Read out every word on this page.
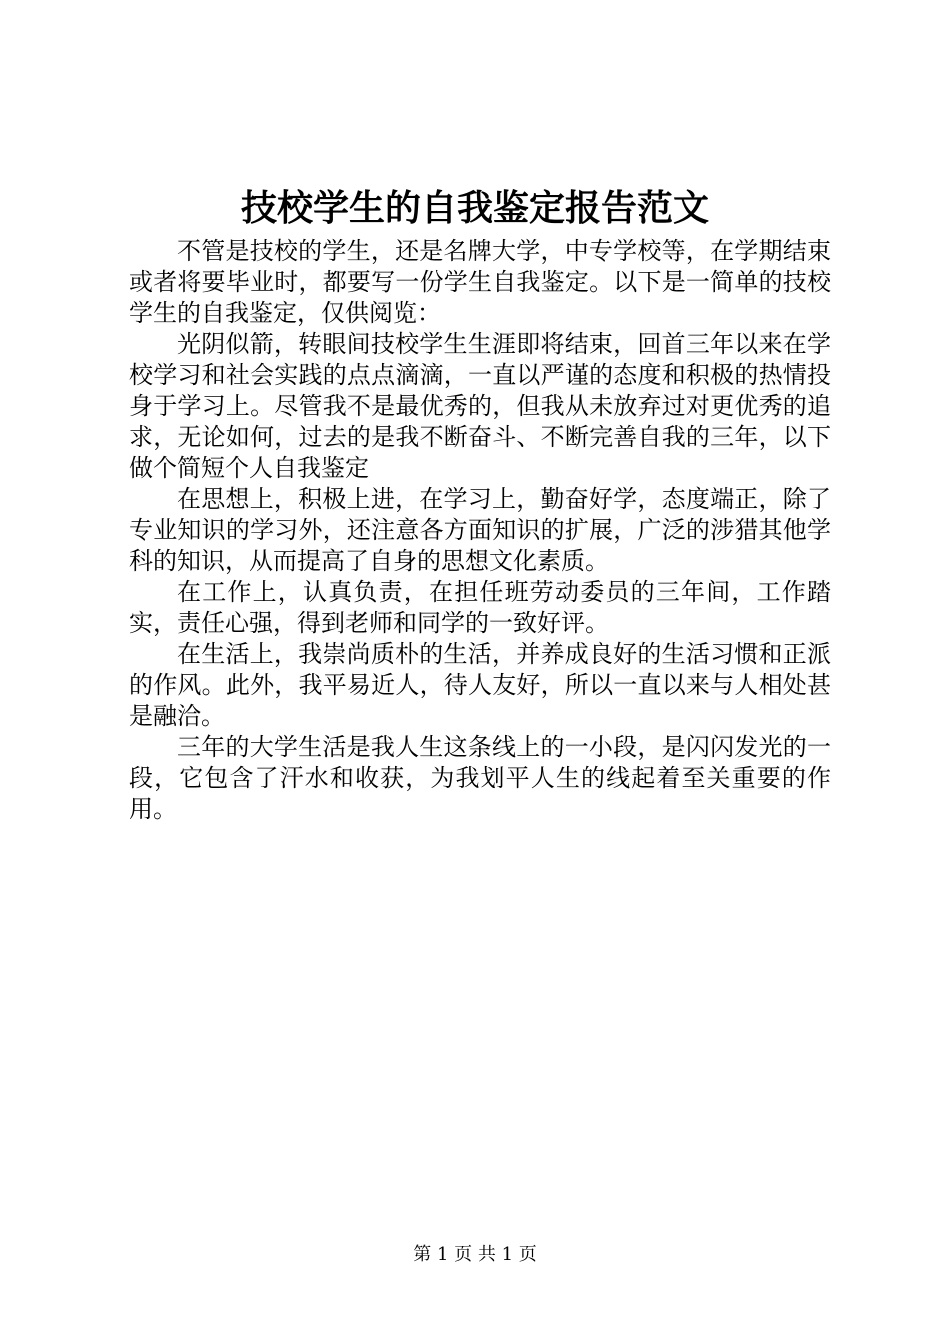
技校学生的自我鉴定报告范文

不管是技校的学生，还是名牌大学，中专学校等，在学期结束或者将要毕业时，都要写一份学生自我鉴定。以下是一简单的技校学生的自我鉴定，仅供阅览：

光阴似箭，转眼间技校学生生涯即将结束，回首三年以来在学校学习和社会实践的点点滴滴，一直以严谨的态度和积极的热情投身于学习上。尽管我不是最优秀的，但我从未放弃过对更优秀的追求，无论如何，过去的是我不断奋斗、不断完善自我的三年，以下做个简短个人自我鉴定

在思想上，积极上进，在学习上，勤奋好学，态度端正，除了专业知识的学习外，还注意各方面知识的扩展，广泛的涉猎其他学科的知识，从而提高了自身的思想文化素质。

在工作上，认真负责，在担任班劳动委员的三年间，工作踏实，责任心强，得到老师和同学的一致好评。

在生活上，我崇尚质朴的生活，并养成良好的生活习惯和正派的作风。此外，我平易近人，待人友好，所以一直以来与人相处甚是融洽。

三年的大学生活是我人生这条线上的一小段，是闪闪发光的一段，它包含了汗水和收获，为我划平人生的线起着至关重要的作用。

第 1 页 共 1 页
